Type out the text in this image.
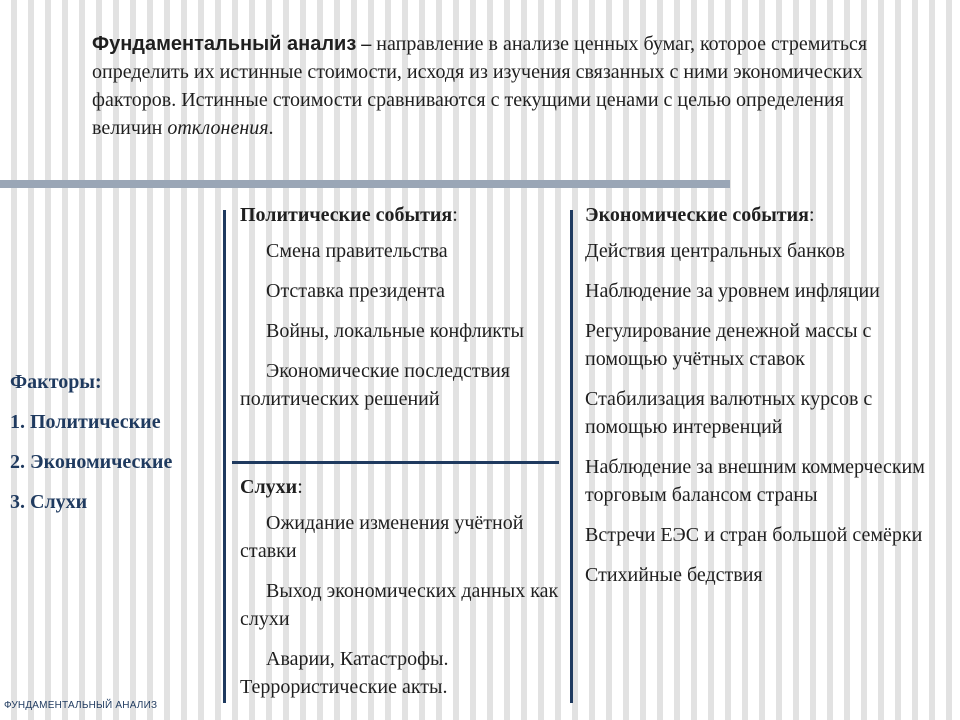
Фундаментальный анализ – направление в анализе ценных бумаг, которое стремиться определить их истинные стоимости, исходя из изучения связанных с ними экономических факторов. Истинные стоимости сравниваются с текущими ценами с целью определения величин отклонения.
Факторы:
1. Политические
2. Экономические
3. Слухи
Политические события:
Смена правительства
Отставка президента
Войны, локальные конфликты
Экономические последствия политических решений
Слухи:
Ожидание изменения учётной ставки
Выход экономических данных как слухи
Аварии, Катастрофы. Террористические акты.
Экономические события:
Действия центральных банков
Наблюдение за уровнем инфляции
Регулирование денежной массы с помощью учётных ставок
Стабилизация валютных курсов с помощью интервенций
Наблюдение за внешним коммерческим торговым балансом страны
Встречи ЕЭС и стран большой семёрки
Стихийные бедствия
ФУНДАМЕНТАЛЬНЫЙ АНАЛИЗ
